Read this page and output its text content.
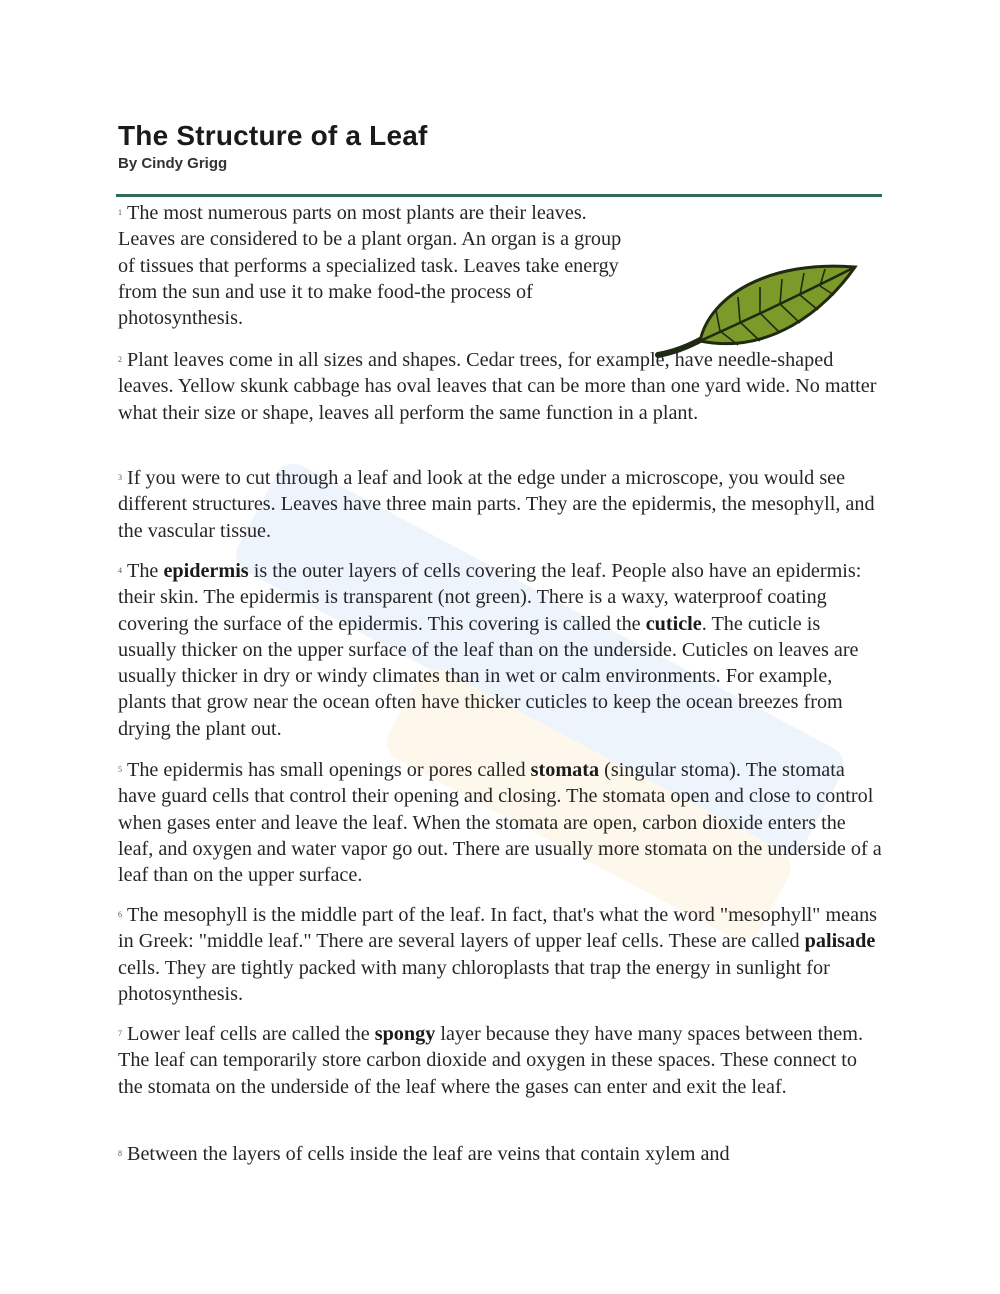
The Structure of a Leaf
By Cindy Grigg

1 The most numerous parts on most plants are their leaves. Leaves are considered to be a plant organ. An organ is a group of tissues that performs a specialized task. Leaves take energy from the sun and use it to make food-the process of photosynthesis.

2 Plant leaves come in all sizes and shapes. Cedar trees, for example, have needle-shaped leaves. Yellow skunk cabbage has oval leaves that can be more than one yard wide. No matter what their size or shape, leaves all perform the same function in a plant.

3 If you were to cut through a leaf and look at the edge under a microscope, you would see different structures. Leaves have three main parts. They are the epidermis, the mesophyll, and the vascular tissue.

4 The epidermis is the outer layers of cells covering the leaf. People also have an epidermis: their skin. The epidermis is transparent (not green). There is a waxy, waterproof coating covering the surface of the epidermis. This covering is called the cuticle. The cuticle is usually thicker on the upper surface of the leaf than on the underside. Cuticles on leaves are usually thicker in dry or windy climates than in wet or calm environments. For example, plants that grow near the ocean often have thicker cuticles to keep the ocean breezes from drying the plant out.

5 The epidermis has small openings or pores called stomata (singular stoma). The stomata have guard cells that control their opening and closing. The stomata open and close to control when gases enter and leave the leaf. When the stomata are open, carbon dioxide enters the leaf, and oxygen and water vapor go out. There are usually more stomata on the underside of a leaf than on the upper surface.

6 The mesophyll is the middle part of the leaf. In fact, that's what the word "mesophyll" means in Greek: "middle leaf." There are several layers of upper leaf cells. These are called palisade cells. They are tightly packed with many chloroplasts that trap the energy in sunlight for photosynthesis.

7 Lower leaf cells are called the spongy layer because they have many spaces between them. The leaf can temporarily store carbon dioxide and oxygen in these spaces. These connect to the stomata on the underside of the leaf where the gases can enter and exit the leaf.

8 Between the layers of cells inside the leaf are veins that contain xylem and
